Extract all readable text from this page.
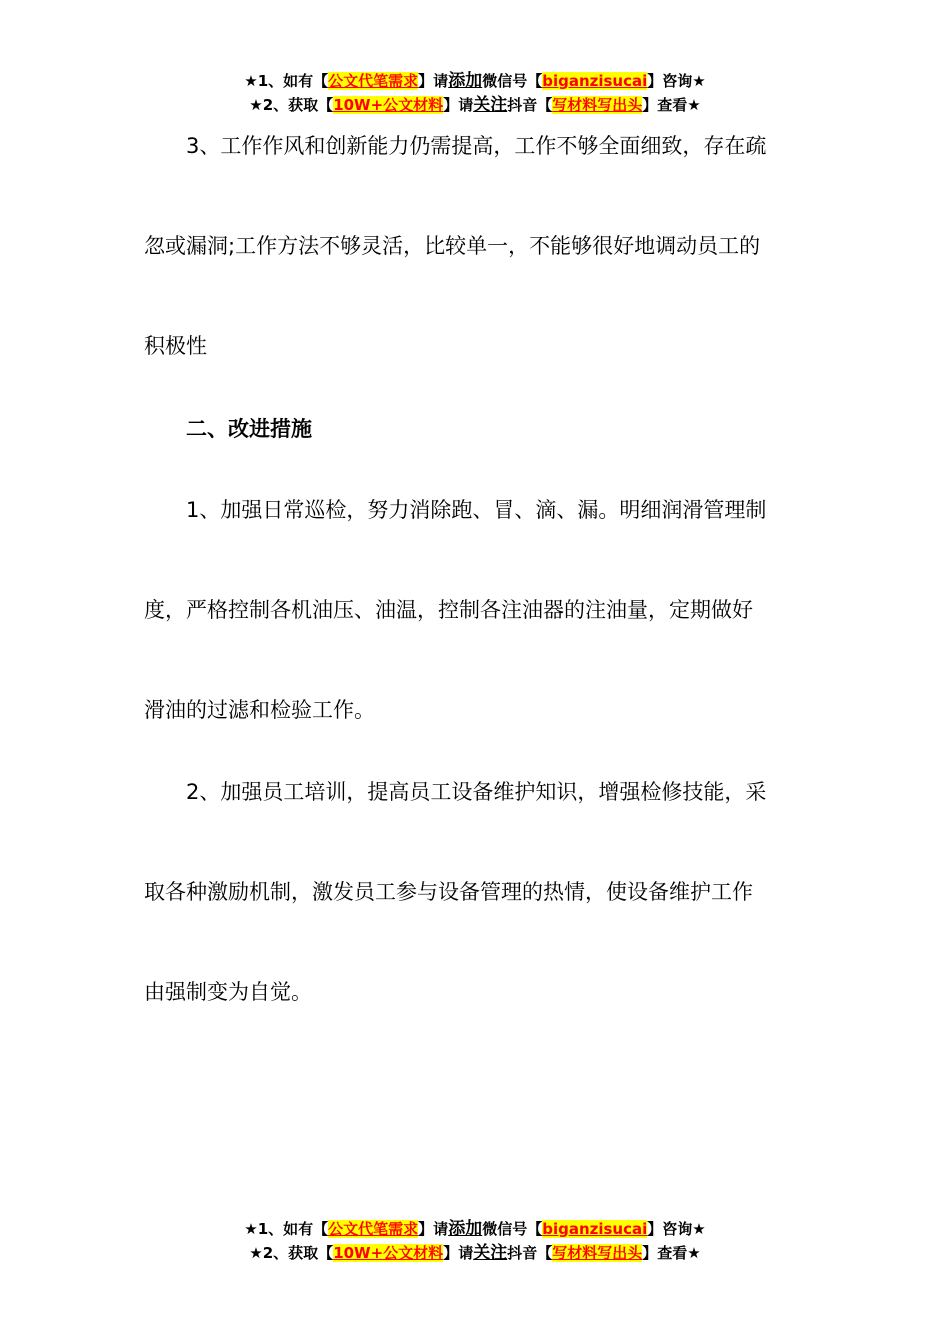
★1、如有【公文代笔需求】请添加微信号【biganzisucai】咨询★
★2、获取【10W+公文材料】请关注抖音【写材料写出头】查看★
　　3、工作作风和创新能力仍需提高，工作不够全面细致，存在疏
忽或漏洞;工作方法不够灵活，比较单一，不能够很好地调动员工的
积极性
　　二、改进措施
　　1、加强日常巡检，努力消除跑、冒、滴、漏。明细润滑管理制
度，严格控制各机油压、油温，控制各注油器的注油量，定期做好
滑油的过滤和检验工作。
　　2、加强员工培训，提高员工设备维护知识，增强检修技能，采
取各种激励机制，激发员工参与设备管理的热情，使设备维护工作
由强制变为自觉。
★1、如有【公文代笔需求】请添加微信号【biganzisucai】咨询★
★2、获取【10W+公文材料】请关注抖音【写材料写出头】查看★
